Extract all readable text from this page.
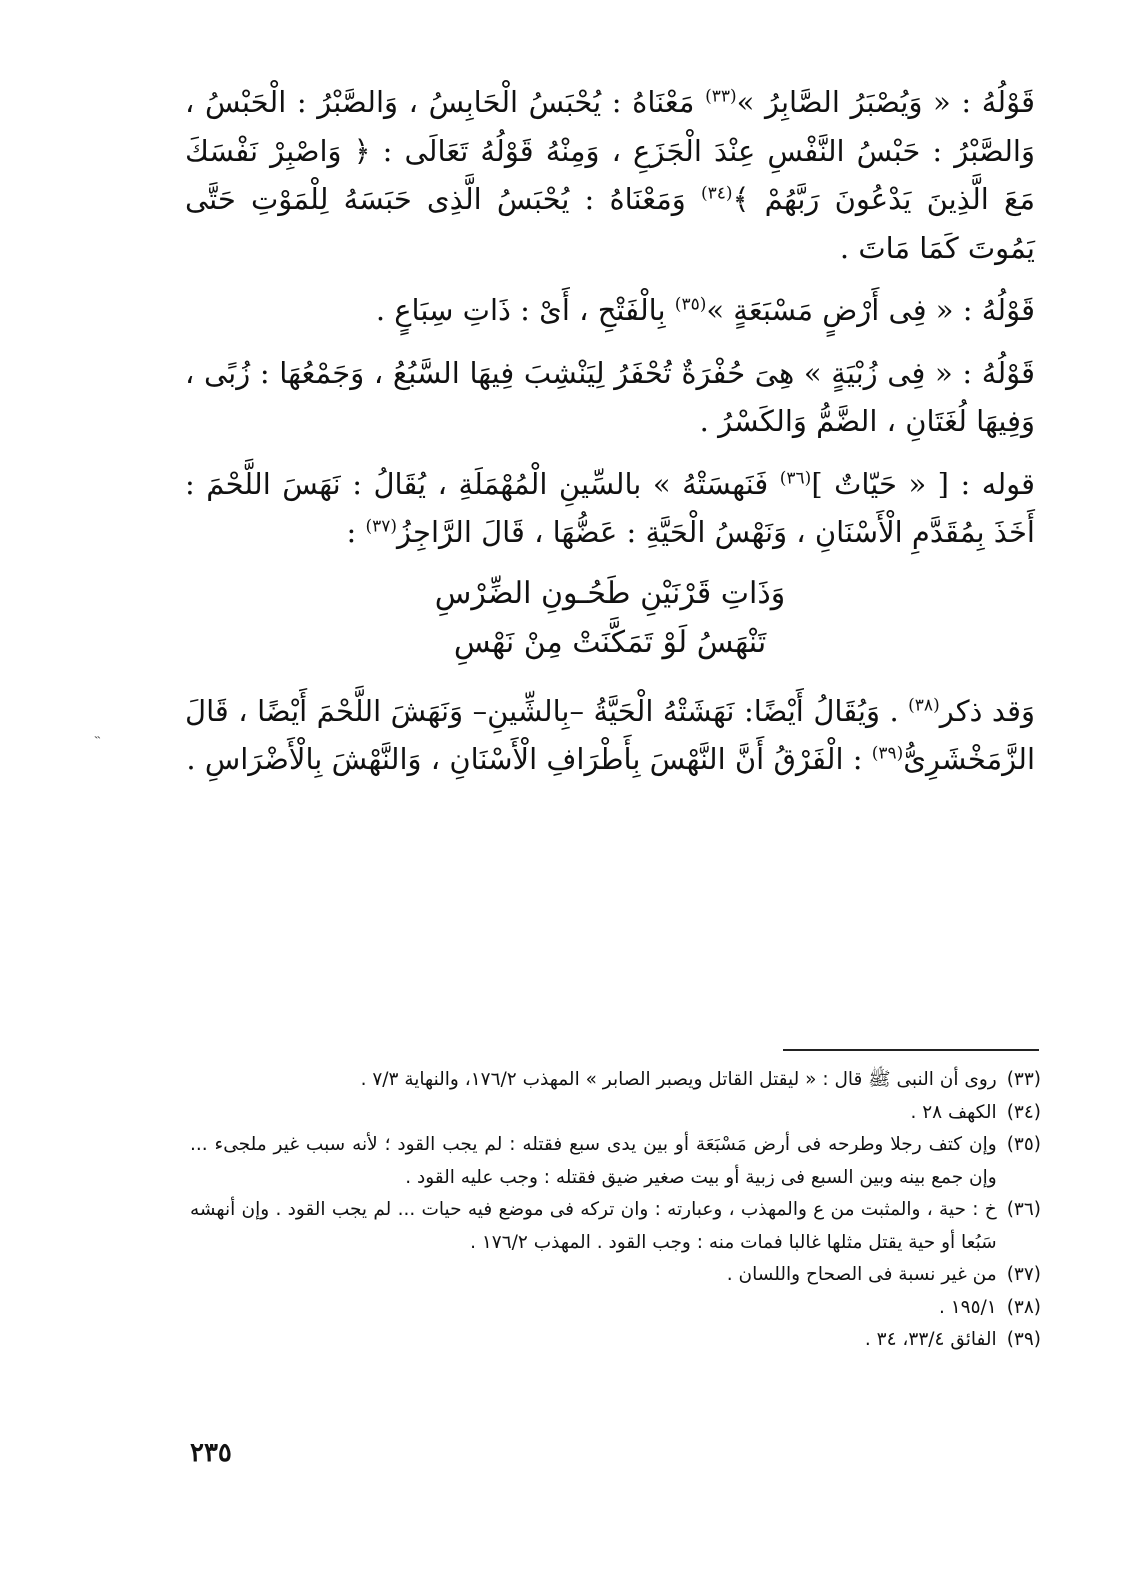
قَوْلُهُ : « وَيُصْبَرُ الصَّابِرُ »$^{(٣٣)}$ مَعْنَاهُ : يُحْبَسُ الْحَابِسُ ، وَالصَّبْرُ : الْحَبْسُ ، وَالصَّبْرُ : حَبْسُ النَّفْسِ عِنْدَ الْجَزَعِ ، وَمِنْهُ قَوْلُهُ تَعَالَى : ﴿ وَاصْبِرْ نَفْسَكَ مَعَ الَّذِينَ يَدْعُونَ رَبَّهُمْ ﴾$^{(٣٤)}$ وَمَعْنَاهُ : يُحْبَسُ الَّذِى حَبَسَهُ لِلْمَوْتِ حَتَّى يَمُوتَ كَمَا مَاتَ .

قَوْلُهُ : « فِى أَرْضٍ مَسْبَعَةٍ »$^{(٣٥)}$ بِالْفَتْحِ ، أَىْ : ذَاتِ سِبَاعٍ .

قَوْلُهُ : « فِى زُبْيَةٍ » هِىَ حُفْرَةٌ تُحْفَرُ لِيَنْشِبَ فِيهَا السَّبُعُ ، وَجَمْعُهَا : زُبًى ، وَفِيهَا لُغَتَانِ ، الضَّمُّ وَالكَسْرُ .

قوله : [ « حَيّاتٌ ]$^{(٣٦)}$ فَنَهسَتْهُ » بالسِّينِ الْمُهْمَلَةِ ، يُقَالُ : نَهَسَ اللَّحْمَ : أَخَذَ بِمُقَدَّمِ الْأَسْنَانِ ، وَنَهْسُ الْحَيَّةِ : عَضُّهَا ، قَالَ الرَّاجِزُ$^{(٣٧)}$ :

وَذَاتِ قَرْنَيْنِ طَحُـونِ الضِّرْسِ
تَنْهَسُ لَوْ تَمَكَّنَتْ مِنْ نَهْسِ

وَقد ذكر$^{(٣٨)}$ . وَيُقَالُ أَيْضًا: نَهَشَتْهُ الْحَيَّةُ –بِالشِّينِ– وَنَهَشَ اللَّحْمَ أَيْضًا ، قَالَ الزَّمَخْشَرِىُّ$^{(٣٩)}$ : الْفَرْقُ أَنَّ النَّهْسَ بِأَطْرَافِ الْأَسْنَانِ ، وَالنَّهْشَ بِالْأَضْرَاسِ .

˵
(٣٣)
روى أن النبى ﷺ قال : « ليقتل القاتل ويصبر الصابر » المهذب ١٧٦/٢، والنهاية ٧/٣ .
(٣٤)
الكهف ٢٨ .
(٣٥)
وإن كتف رجلا وطرحه فى أرض مَسْبَعَة أو بين يدى سبع فقتله : لم يجب القود ؛ لأنه سبب غير ملجىء ... وإن جمع بينه وبين السبع فى زبية أو بيت صغير ضيق فقتله : وجب عليه القود .
(٣٦)
خ : حية ، والمثبت من ع والمهذب ، وعبارته : وان تركه فى موضع فيه حيات ... لم يجب القود . وإن أنهشه سَبُعا أو حية يقتل مثلها غالبا فمات منه : وجب القود . المهذب ١٧٦/٢ .
(٣٧)
من غير نسبة فى الصحاح واللسان .
(٣٨)
١٩٥/١ .
(٣٩)
الفائق ٣٣/٤، ٣٤ .
٢٣٥
